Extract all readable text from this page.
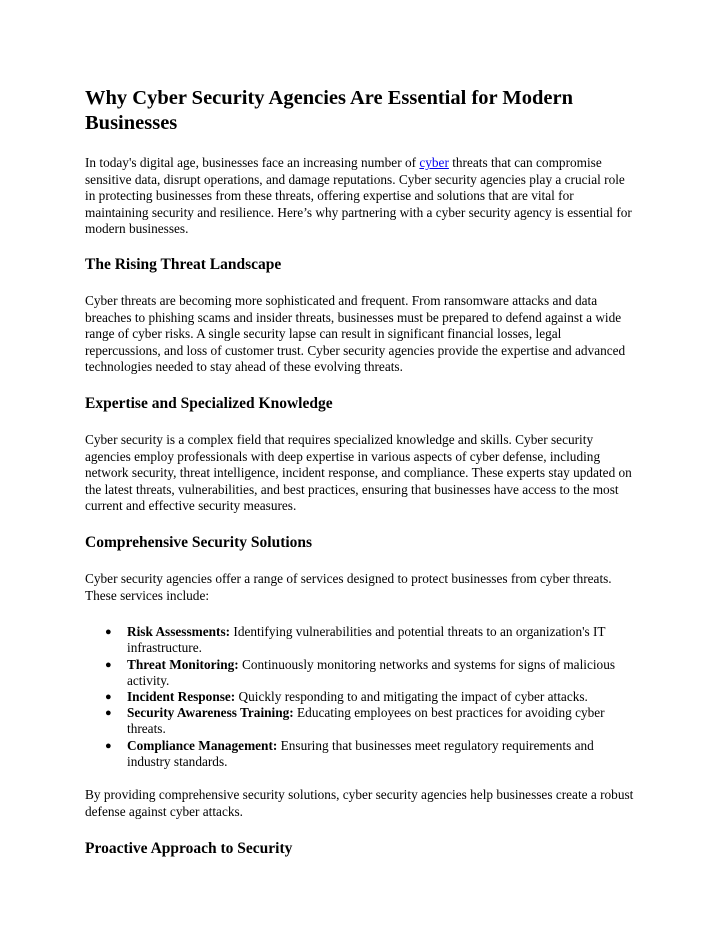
Why Cyber Security Agencies Are Essential for Modern Businesses

In today's digital age, businesses face an increasing number of cyber threats that can compromise sensitive data, disrupt operations, and damage reputations. Cyber security agencies play a crucial role in protecting businesses from these threats, offering expertise and solutions that are vital for maintaining security and resilience. Here’s why partnering with a cyber security agency is essential for modern businesses.

The Rising Threat Landscape

Cyber threats are becoming more sophisticated and frequent. From ransomware attacks and data breaches to phishing scams and insider threats, businesses must be prepared to defend against a wide range of cyber risks. A single security lapse can result in significant financial losses, legal repercussions, and loss of customer trust. Cyber security agencies provide the expertise and advanced technologies needed to stay ahead of these evolving threats.

Expertise and Specialized Knowledge

Cyber security is a complex field that requires specialized knowledge and skills. Cyber security agencies employ professionals with deep expertise in various aspects of cyber defense, including network security, threat intelligence, incident response, and compliance. These experts stay updated on the latest threats, vulnerabilities, and best practices, ensuring that businesses have access to the most current and effective security measures.

Comprehensive Security Solutions

Cyber security agencies offer a range of services designed to protect businesses from cyber threats. These services include:

● Risk Assessments: Identifying vulnerabilities and potential threats to an organization's IT infrastructure.
● Threat Monitoring: Continuously monitoring networks and systems for signs of malicious activity.
● Incident Response: Quickly responding to and mitigating the impact of cyber attacks.
● Security Awareness Training: Educating employees on best practices for avoiding cyber threats.
● Compliance Management: Ensuring that businesses meet regulatory requirements and industry standards.

By providing comprehensive security solutions, cyber security agencies help businesses create a robust defense against cyber attacks.

Proactive Approach to Security
